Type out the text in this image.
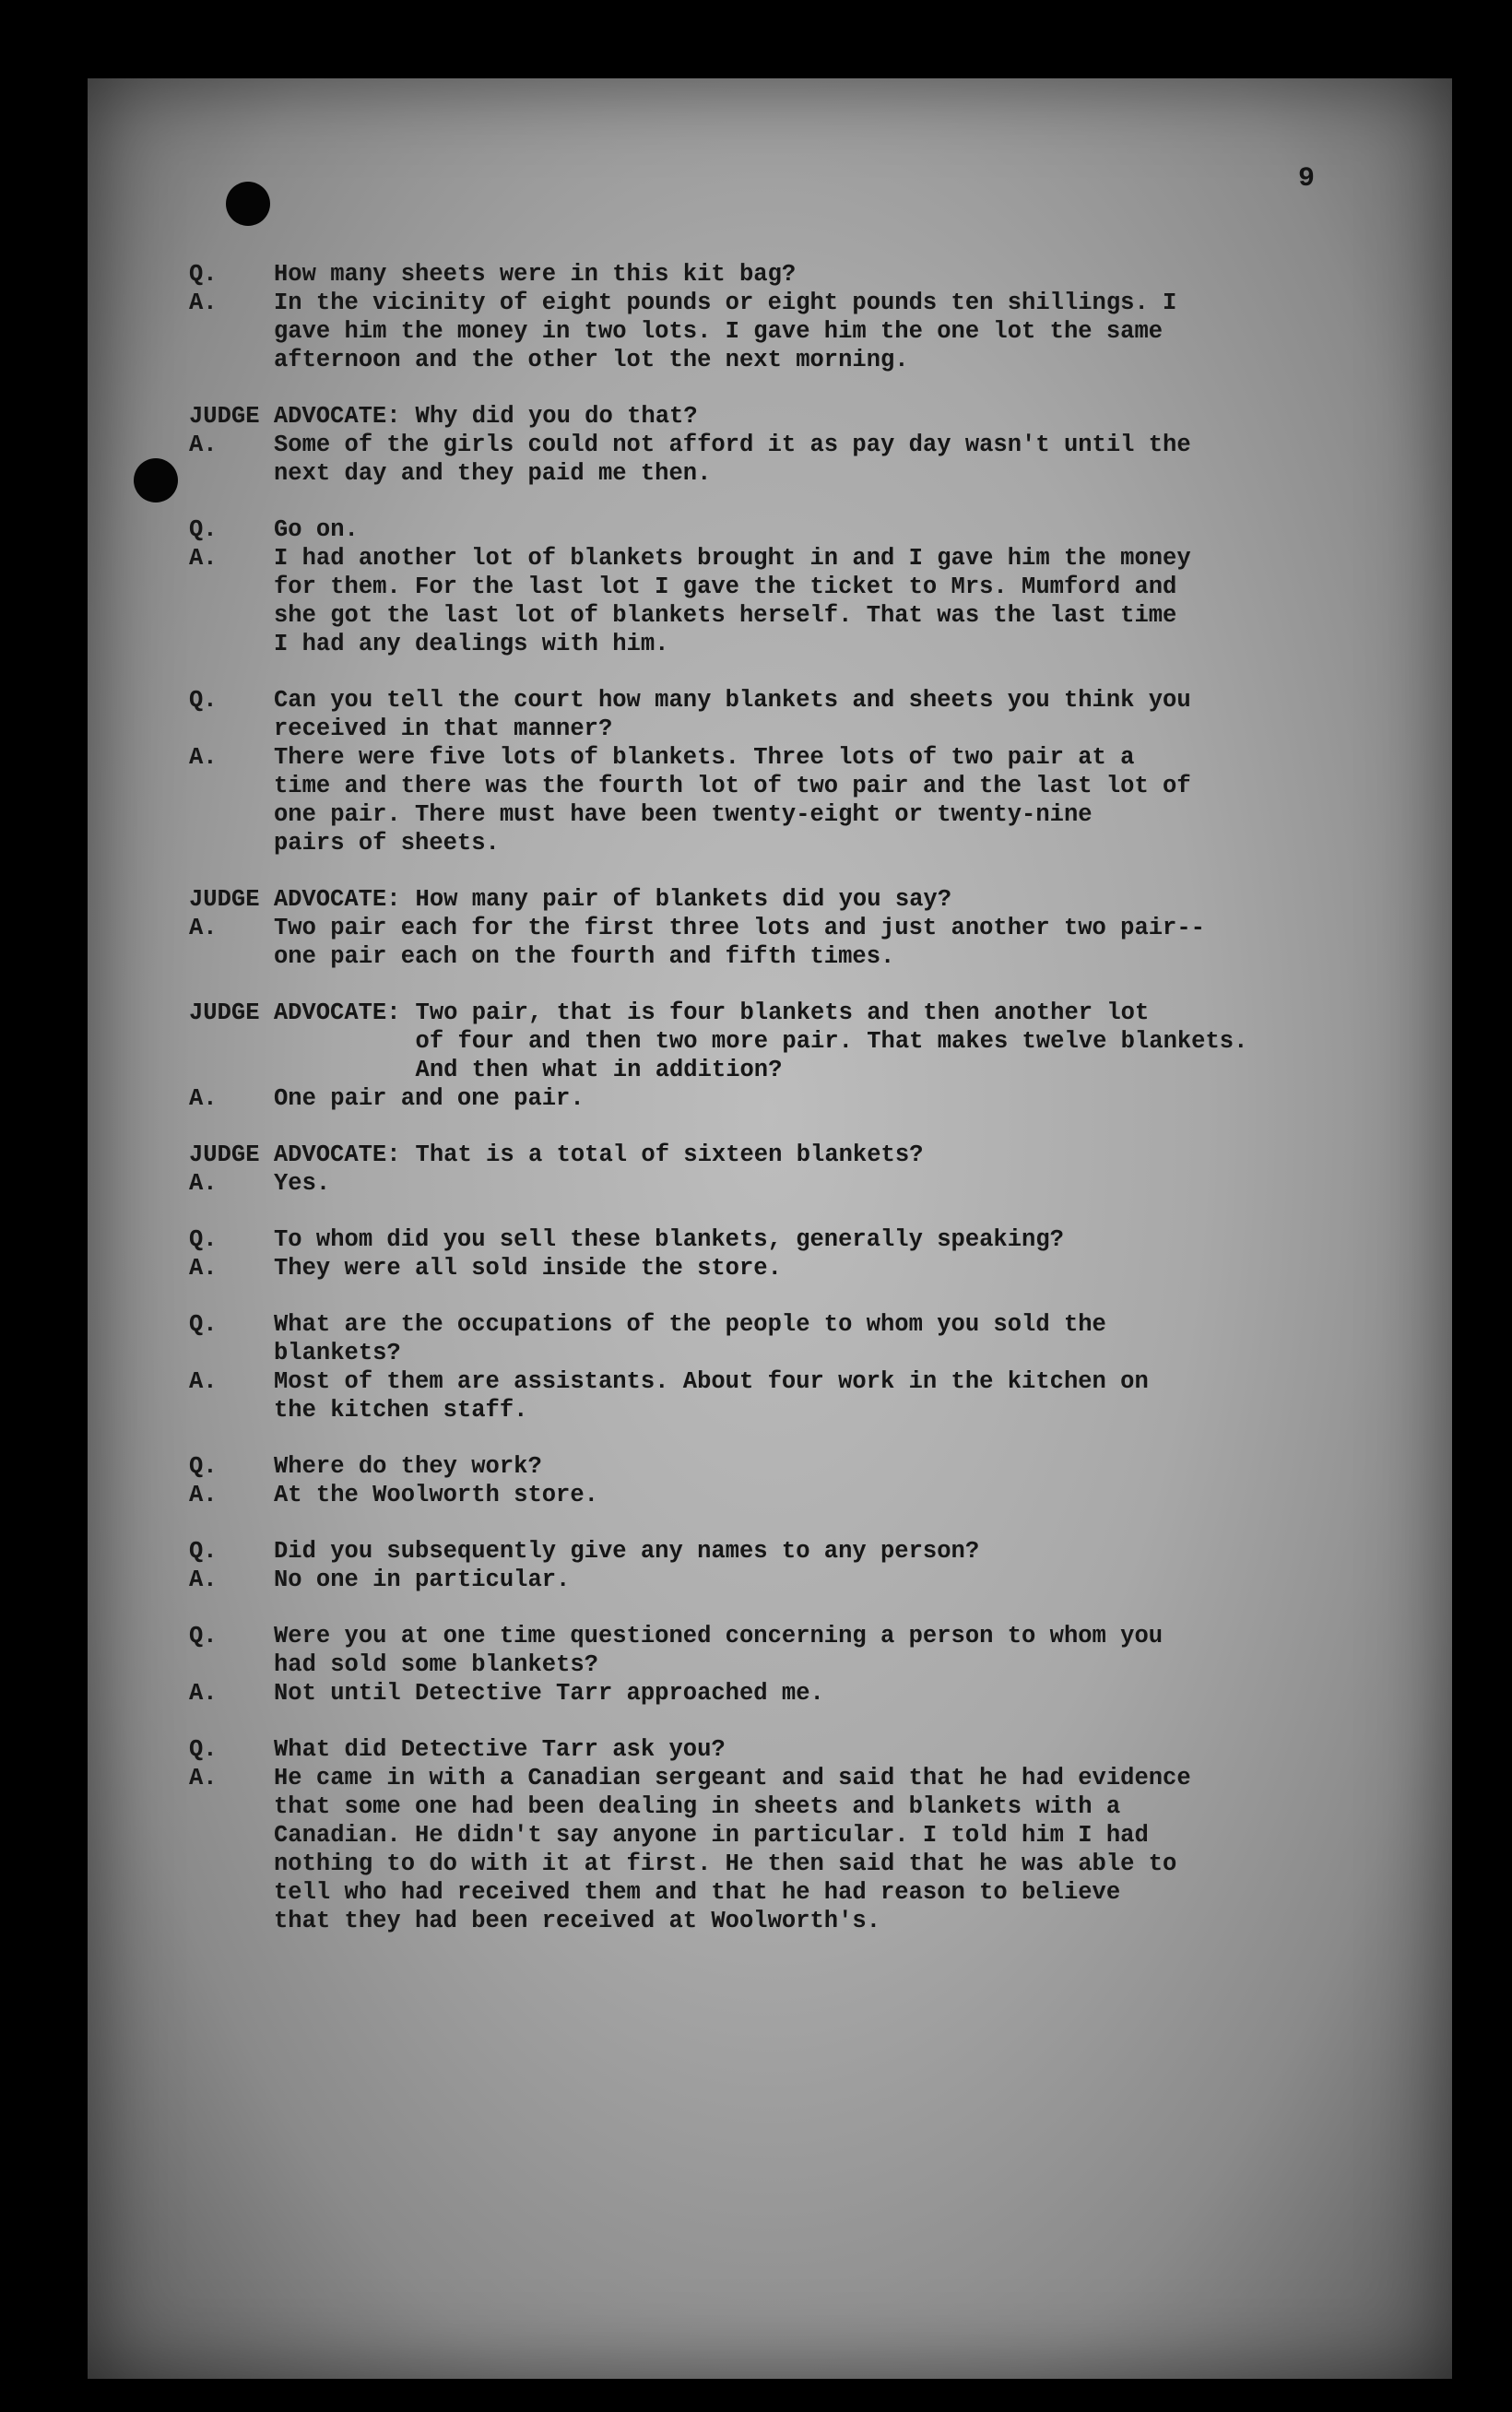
9
Q.	How many sheets were in this kit bag?
A.	In the vicinity of eight pounds or eight pounds ten shillings. I
gave him the money in two lots. I gave him the one lot the same
afternoon and the other lot the next morning.
JUDGE ADVOCATE: Why did you do that?
A.	Some of the girls could not afford it as pay day wasn't until the
next day and they paid me then.
Q.	Go on.
A.	I had another lot of blankets brought in and I gave him the money
for them. For the last lot I gave the ticket to Mrs. Mumford and
she got the last lot of blankets herself. That was the last time
I had any dealings with him.
Q.	Can you tell the court how many blankets and sheets you think you
received in that manner?
A.	There were five lots of blankets. Three lots of two pair at a
time and there was the fourth lot of two pair and the last lot of
one pair. There must have been twenty-eight or twenty-nine
pairs of sheets.
JUDGE ADVOCATE: How many pair of blankets did you say?
A.	Two pair each for the first three lots and just another two pair--
one pair each on the fourth and fifth times.
JUDGE ADVOCATE: Two pair, that is four blankets and then another lot
of four and then two more pair. That makes twelve blankets.
And then what in addition?
A.	One pair and one pair.
JUDGE ADVOCATE: That is a total of sixteen blankets?
A.	Yes.
Q.	To whom did you sell these blankets, generally speaking?
A.	They were all sold inside the store.
Q.	What are the occupations of the people to whom you sold the
blankets?
A.	Most of them are assistants. About four work in the kitchen on
the kitchen staff.
Q.	Where do they work?
A.	At the Woolworth store.
Q.	Did you subsequently give any names to any person?
A.	No one in particular.
Q.	Were you at one time questioned concerning a person to whom you
had sold some blankets?
A.	Not until Detective Tarr approached me.
Q.	What did Detective Tarr ask you?
A.	He came in with a Canadian sergeant and said that he had evidence
that some one had been dealing in sheets and blankets with a
Canadian. He didn't say anyone in particular. I told him I had
nothing to do with it at first. He then said that he was able to
tell who had received them and that he had reason to believe
that they had been received at Woolworth's.
